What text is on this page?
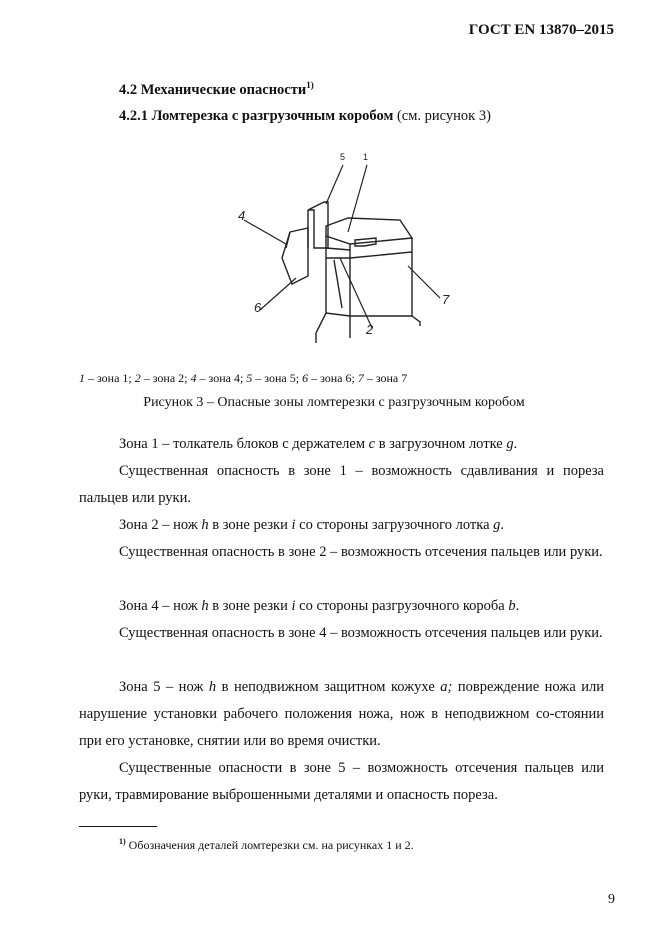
ГОСТ EN 13870–2015
4.2 Механические опасности$^{1)}$
4.2.1 Ломтерезка с разгрузочным коробом (см. рисунок 3)
5 1
4
6
2
7
1 – зона 1; 2 – зона 2; 4 – зона 4; 5 – зона 5; 6 – зона 6; 7 – зона 7
Рисунок 3 – Опасные зоны ломтерезки с разгрузочным коробом
Зона 1 – толкатель блоков с держателем c в загрузочном лотке g.
Существенная опасность в зоне 1 – возможность сдавливания и пореза пальцев или руки.
Зона 2 – нож h в зоне резки i со стороны загрузочного лотка g.
Существенная опасность в зоне 2 – возможность отсечения пальцев или руки.
Зона 4 – нож h в зоне резки i со стороны разгрузочного короба b.
Существенная опасность в зоне 4 – возможность отсечения пальцев или руки.
Зона 5 – нож h в неподвижном защитном кожухе a; повреждение ножа или нарушение установки рабочего положения ножа, нож в неподвижном со-стоянии при его установке, снятии или во время очистки.
Существенные опасности в зоне 5 – возможность отсечения пальцев или руки, травмирование выброшенными деталями и опасность пореза.
$^{1)}$ Обозначения деталей ломтерезки см. на рисунках 1 и 2.
9
